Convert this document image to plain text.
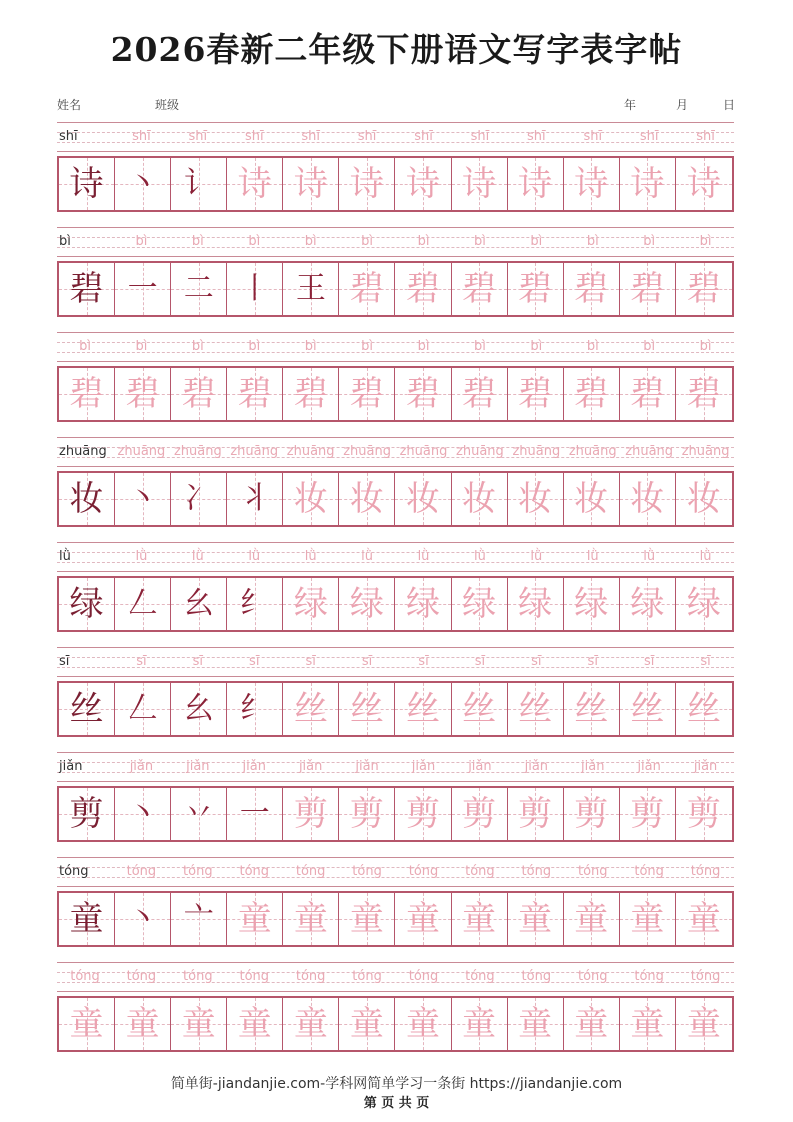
2026春新二年级下册语文写字表字帖
姓名	班级	年	月	日
shī	shī	shī	shī	shī	shī	shī	shī	shī	shī	shī	shī
诗 丶 讠 诗 诗 诗 诗 诗 诗 诗 诗 诗
bì	bì	bì	bì	bì	bì	bì	bì	bì	bì	bì	bì
碧 一 二 丨 王 碧 碧 碧 碧 碧 碧 碧
bì	bì	bì	bì	bì	bì	bì	bì	bì	bì	bì	bì
碧 碧 碧 碧 碧 碧 碧 碧 碧 碧 碧 碧
zhuāng zhuāng zhuāng zhuāng zhuāng zhuāng zhuāng zhuāng zhuāng zhuāng zhuāng zhuāng
妆 丶 冫 丬 妆 妆 妆 妆 妆 妆 妆 妆
lǜ	lǜ	lǜ	lǜ	lǜ	lǜ	lǜ	lǜ	lǜ	lǜ	lǜ	lǜ
绿 𠃋 幺 纟 绿 绿 绿 绿 绿 绿 绿 绿
sī	sī	sī	sī	sī	sī	sī	sī	sī	sī	sī	sī
丝 𠃋 幺 纟 丝 丝 丝 丝 丝 丝 丝 丝
jiǎn	jiǎn	jiǎn	jiǎn	jiǎn	jiǎn	jiǎn	jiǎn	jiǎn	jiǎn	jiǎn	jiǎn
剪 丶 丷 一 剪 剪 剪 剪 剪 剪 剪 剪
tóng	tóng	tóng	tóng	tóng	tóng	tóng	tóng	tóng	tóng	tóng	tóng
童 丶 亠 童 童 童 童 童 童 童 童 童
tóng	tóng	tóng	tóng	tóng	tóng	tóng	tóng	tóng	tóng	tóng	tóng
童 童 童 童 童 童 童 童 童 童 童 童
简单街-jiandanjie.com-学科网简单学习一条街 https://jiandanjie.com
第 页 共 页
